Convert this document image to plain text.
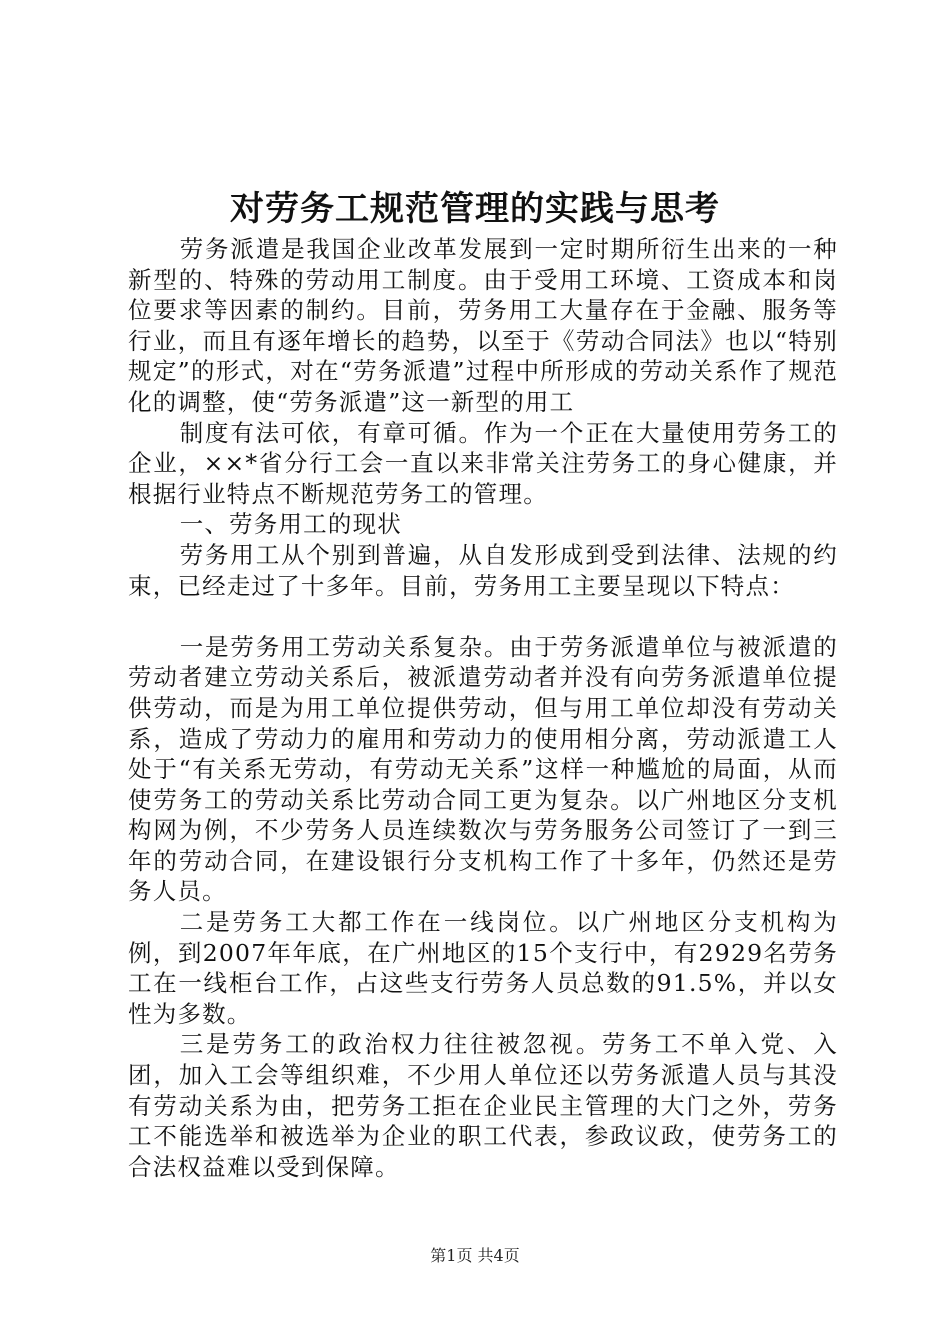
对劳务工规范管理的实践与思考

劳务派遣是我国企业改革发展到一定时期所衍生出来的一种新型的、特殊的劳动用工制度。由于受用工环境、工资成本和岗位要求等因素的制约。目前，劳务用工大量存在于金融、服务等行业，而且有逐年增长的趋势，以至于《劳动合同法》也以“特别规定”的形式，对在“劳务派遣”过程中所形成的劳动关系作了规范化的调整，使“劳务派遣”这一新型的用工

制度有法可依，有章可循。作为一个正在大量使用劳务工的企业，××*省分行工会一直以来非常关注劳务工的身心健康，并根据行业特点不断规范劳务工的管理。

一、劳务用工的现状

劳务用工从个别到普遍，从自发形成到受到法律、法规的约束，已经走过了十多年。目前，劳务用工主要呈现以下特点：

一是劳务用工劳动关系复杂。由于劳务派遣单位与被派遣的劳动者建立劳动关系后，被派遣劳动者并没有向劳务派遣单位提供劳动，而是为用工单位提供劳动，但与用工单位却没有劳动关系，造成了劳动力的雇用和劳动力的使用相分离，劳动派遣工人处于“有关系无劳动，有劳动无关系”这样一种尴尬的局面，从而使劳务工的劳动关系比劳动合同工更为复杂。以广州地区分支机构网为例，不少劳务人员连续数次与劳务服务公司签订了一到三年的劳动合同，在建设银行分支机构工作了十多年，仍然还是劳务人员。

二是劳务工大都工作在一线岗位。以广州地区分支机构为例，到2007年年底，在广州地区的15个支行中，有2929名劳务工在一线柜台工作，占这些支行劳务人员总数的91.5%，并以女性为多数。

三是劳务工的政治权力往往被忽视。劳务工不单入党、入团，加入工会等组织难，不少用人单位还以劳务派遣人员与其没有劳动关系为由，把劳务工拒在企业民主管理的大门之外，劳务工不能选举和被选举为企业的职工代表，参政议政，使劳务工的合法权益难以受到保障。

第1页 共4页
